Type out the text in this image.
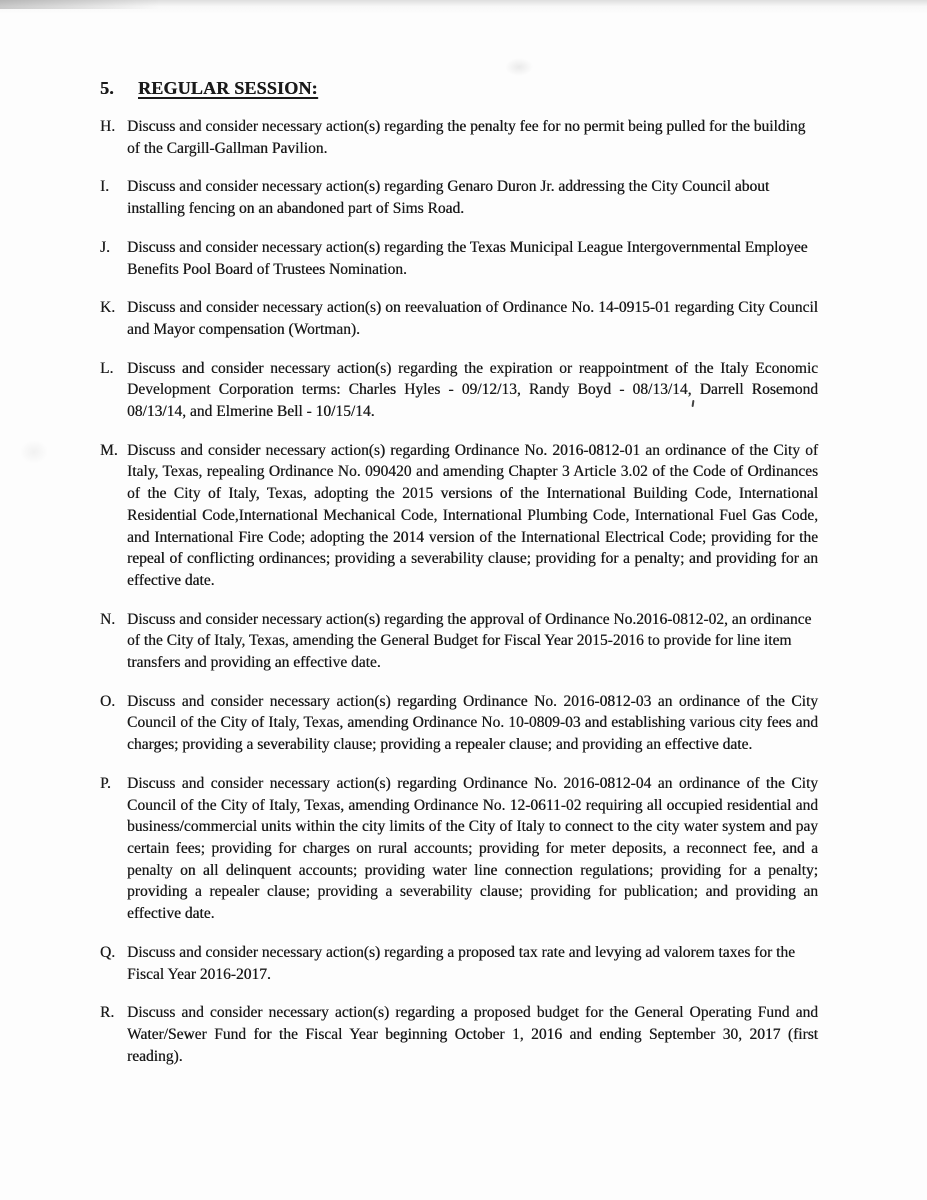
5.	REGULAR SESSION:
H. Discuss and consider necessary action(s) regarding the penalty fee for no permit being pulled for the building of the Cargill-Gallman Pavilion.
I.	Discuss and consider necessary action(s) regarding Genaro Duron Jr. addressing the City Council about installing fencing on an abandoned part of Sims Road.
J.	Discuss and consider necessary action(s) regarding the Texas Municipal League Intergovernmental Employee Benefits Pool Board of Trustees Nomination.
K. Discuss and consider necessary action(s) on reevaluation of Ordinance No. 14-0915-01 regarding City Council and Mayor compensation (Wortman).
L. Discuss and consider necessary action(s) regarding the expiration or reappointment of the Italy Economic Development Corporation terms: Charles Hyles - 09/12/13, Randy Boyd - 08/13/14, Darrell Rosemond 08/13/14, and Elmerine Bell - 10/15/14.
M. Discuss and consider necessary action(s) regarding Ordinance No. 2016-0812-01 an ordinance of the City of Italy, Texas, repealing Ordinance No. 090420 and amending Chapter 3 Article 3.02 of the Code of Ordinances of the City of Italy, Texas, adopting the 2015 versions of the International Building Code, International Residential Code,International Mechanical Code, International Plumbing Code, International Fuel Gas Code, and International Fire Code; adopting the 2014 version of the International Electrical Code; providing for the repeal of conflicting ordinances; providing a severability clause; providing for a penalty; and providing for an effective date.
N. Discuss and consider necessary action(s) regarding the approval of Ordinance No.2016-0812-02, an ordinance of the City of Italy, Texas, amending the General Budget for Fiscal Year 2015-2016 to provide for line item transfers and providing an effective date.
O. Discuss and consider necessary action(s) regarding Ordinance No. 2016-0812-03 an ordinance of the City Council of the City of Italy, Texas, amending Ordinance No. 10-0809-03 and establishing various city fees and charges; providing a severability clause; providing a repealer clause; and providing an effective date.
P.	Discuss and consider necessary action(s) regarding Ordinance No. 2016-0812-04 an ordinance of the City Council of the City of Italy, Texas, amending Ordinance No. 12-0611-02 requiring all occupied residential and business/commercial units within the city limits of the City of Italy to connect to the city water system and pay certain fees; providing for charges on rural accounts; providing for meter deposits, a reconnect fee, and a penalty on all delinquent accounts; providing water line connection regulations; providing for a penalty; providing a repealer clause; providing a severability clause; providing for publication; and providing an effective date.
Q. Discuss and consider necessary action(s) regarding a proposed tax rate and levying ad valorem taxes for the Fiscal Year 2016-2017.
R. Discuss and consider necessary action(s) regarding a proposed budget for the General Operating Fund and Water/Sewer Fund for the Fiscal Year beginning October 1, 2016 and ending September 30, 2017 (first reading).
